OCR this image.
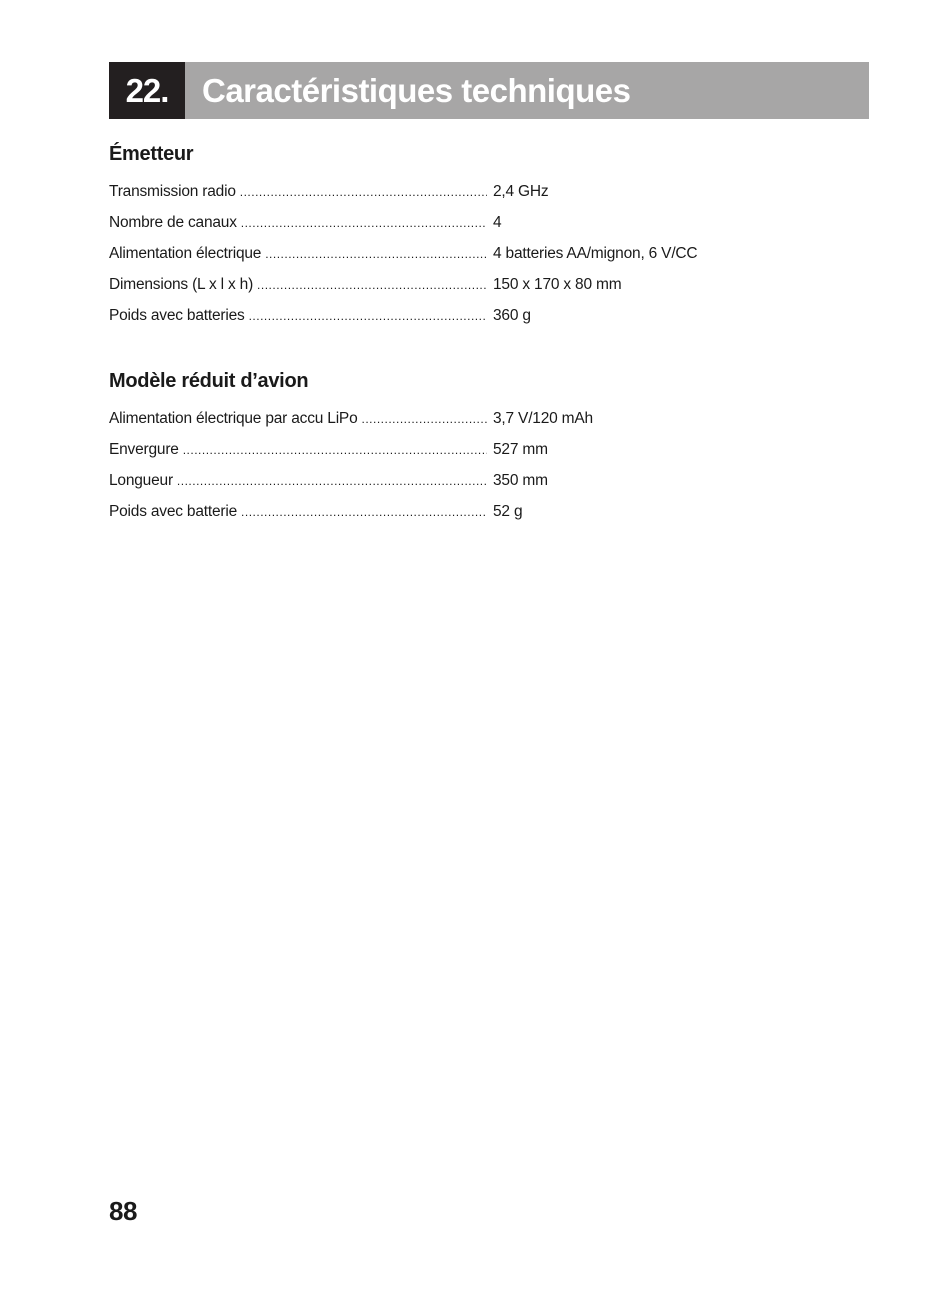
22.	Caractéristiques techniques
Émetteur
Transmission radio .....	2,4 GHz
Nombre de canaux .....	4
Alimentation électrique .....	4 batteries AA/mignon, 6 V/CC
Dimensions (L x l x h) .....	150 x 170 x 80 mm
Poids avec batteries .....	360 g
Modèle réduit d’avion
Alimentation électrique par accu LiPo .....	3,7 V/120 mAh
Envergure .....	527 mm
Longueur .....	350 mm
Poids avec batterie .....	52 g
88
